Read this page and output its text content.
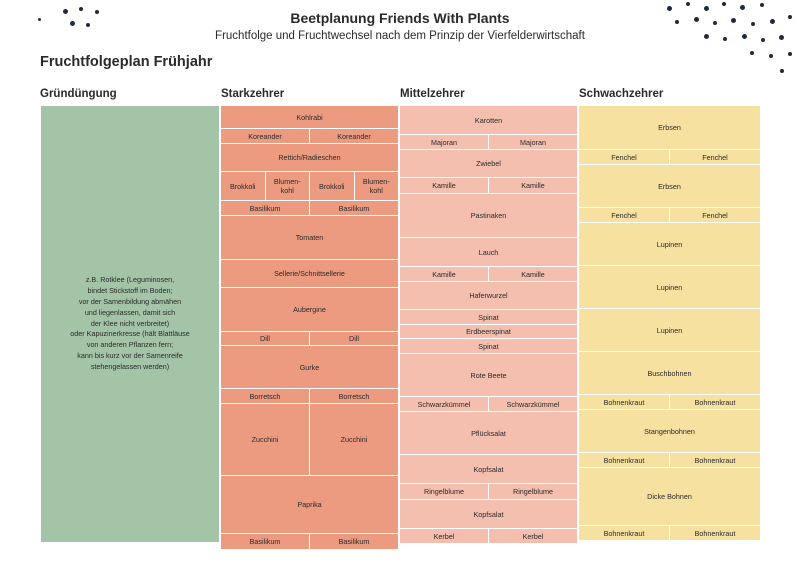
Beetplanung Friends With Plants
Fruchtfolge und Fruchtwechsel nach dem Prinzip der Vierfelderwirtschaft
Fruchtfolgeplan Frühjahr
Gründüngung	Starkzehrer	Mittelzehrer	Schwachzehrer
z.B. Rotklee (Leguminosen,
bindet Stickstoff im Boden;
vor der Samenbildung abmähen
und liegenlassen, damit sich
der Klee nicht verbreitet)
oder Kapuzinerkresse (hält Blattläuse
von anderen Pflanzen fern;
kann bis kurz vor der Samenreife
stehengelassen werden)
Kohlrabi
Koreander	Koreander
Rettich/Radieschen
Brokkoli	Blumen-kohl	Brokkoli	Blumen-kohl
Basilikum	Basilikum
Tomaten
Sellerie/Schnittsellerie
Aubergine
Dill	Dill
Gurke
Borretsch	Borretsch
Zucchini	Zucchini
Paprika
Basilikum	Basilikum
Karotten
Majoran	Majoran
Zwiebel
Kamille	Kamille
Pastinaken
Lauch
Kamille	Kamille
Haferwurzel
Spinat
Erdbeerspinat
Spinat
Rote Beete
Schwarzkümmel	Schwarzkümmel
Pflücksalat
Kopfsalat
Ringelblume	Ringelblume
Kopfsalat
Kerbel	Kerbel
Erbsen
Fenchel	Fenchel
Erbsen
Fenchel	Fenchel
Lupinen
Lupinen
Lupinen
Buschbohnen
Bohnenkraut	Bohnenkraut
Stangenbohnen
Bohnenkraut	Bohnenkraut
Dicke Bohnen
Bohnenkraut	Bohnenkraut
